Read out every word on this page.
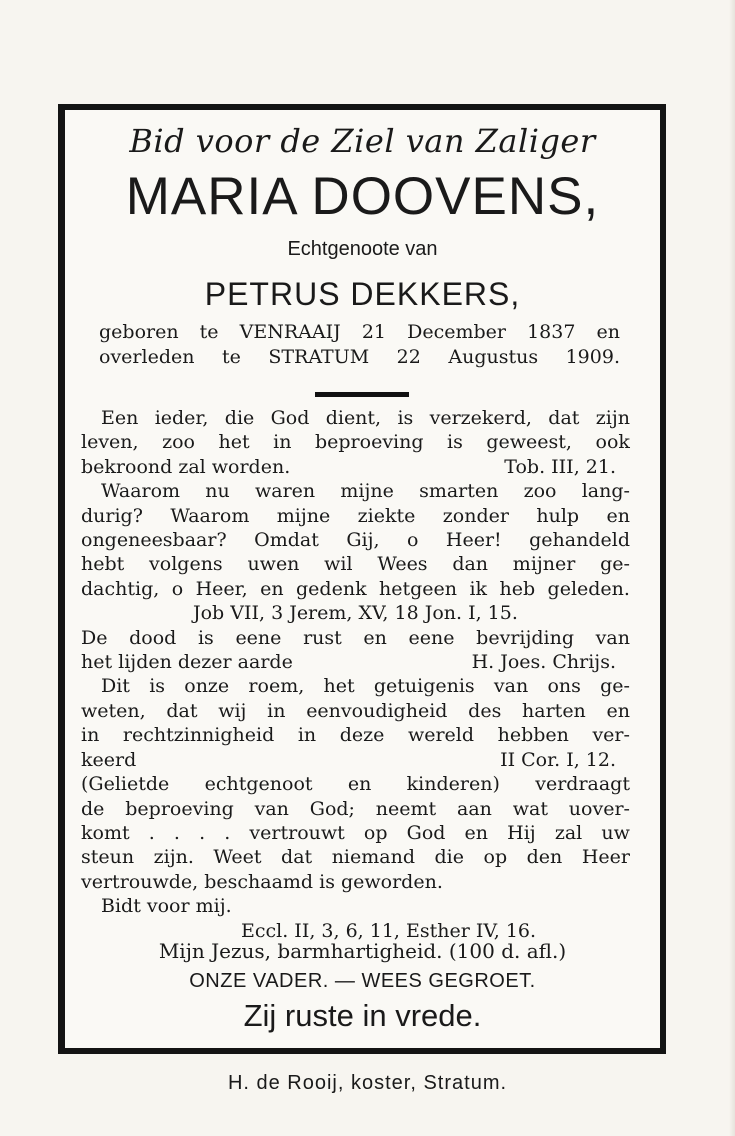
Bid voor de Ziel van Zaliger
MARIA DOOVENS,
Echtgenoote van
PETRUS DEKKERS,
geboren te VENRAAIJ 21 December 1837 en
overleden te STRATUM 22 Augustus 1909.
Een ieder, die God dient, is verzekerd, dat zijn
leven, zoo het in beproeving is geweest, ook
bekroond zal worden.	Tob. III, 21.
Waarom nu waren mijne smarten zoo lang-
durig? Waarom mijne ziekte zonder hulp en
ongeneesbaar? Omdat Gij, o Heer! gehandeld
hebt volgens uwen wil Wees dan mijner ge-
dachtig, o Heer, en gedenk hetgeen ik heb geleden.
Job VII, 3 Jerem, XV, 18 Jon. I, 15.
De dood is eene rust en eene bevrijding van
het lijden dezer aarde	H. Joes. Chrijs.
Dit is onze roem, het getuigenis van ons ge-
weten, dat wij in eenvoudigheid des harten en
in rechtzinnigheid in deze wereld hebben ver-
keerd	II Cor. I, 12.
(Gelietde echtgenoot en kinderen) verdraagt
de beproeving van God; neemt aan wat uover-
komt . . . . vertrouwt op God en Hij zal uw
steun zijn. Weet dat niemand die op den Heer
vertrouwde, beschaamd is geworden.
Bidt voor mij.
Eccl. II, 3, 6, 11, Esther IV, 16.
Mijn Jezus, barmhartigheid. (100 d. afl.)
ONZE VADER. — WEES GEGROET.
Zij ruste in vrede.
H. de Rooij, koster, Stratum.
